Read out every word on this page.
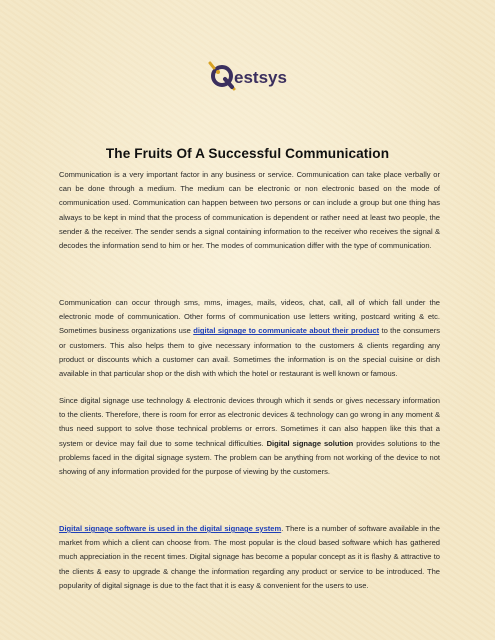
estsys
The Fruits Of A Successful Communication

Communication is a very important factor in any business or service. Communication can take place verbally or can be done through a medium. The medium can be electronic or non electronic based on the mode of communication used. Communication can happen between two persons or can include a group but one thing has always to be kept in mind that the process of communication is dependent or rather need at least two people, the sender & the receiver. The sender sends a signal containing information to the receiver who receives the signal & decodes the information send to him or her. The modes of communication differ with the type of communication.

Communication can occur through sms, mms, images, mails, videos, chat, call, all of which fall under the electronic mode of communication. Other forms of communication use letters writing, postcard writing & etc. Sometimes business organizations use digital signage to communicate about their product to the consumers or customers. This also helps them to give necessary information to the customers & clients regarding any product or discounts which a customer can avail. Sometimes the information is on the special cuisine or dish available in that particular shop or the dish with which the hotel or restaurant is well known or famous.

Since digital signage use technology & electronic devices through which it sends or gives necessary information to the clients. Therefore, there is room for error as electronic devices & technology can go wrong in any moment & thus need support to solve those technical problems or errors. Sometimes it can also happen like this that a system or device may fail due to some technical difficulties. Digital signage solution provides solutions to the problems faced in the digital signage system. The problem can be anything from not working of the device to not showing of any information provided for the purpose of viewing by the customers.

Digital signage software is used in the digital signage system. There is a number of software available in the market from which a client can choose from. The most popular is the cloud based software which has gathered much appreciation in the recent times. Digital signage has become a popular concept as it is flashy & attractive to the clients & easy to upgrade & change the information regarding any product or service to be introduced. The popularity of digital signage is due to the fact that it is easy & convenient for the users to use.
